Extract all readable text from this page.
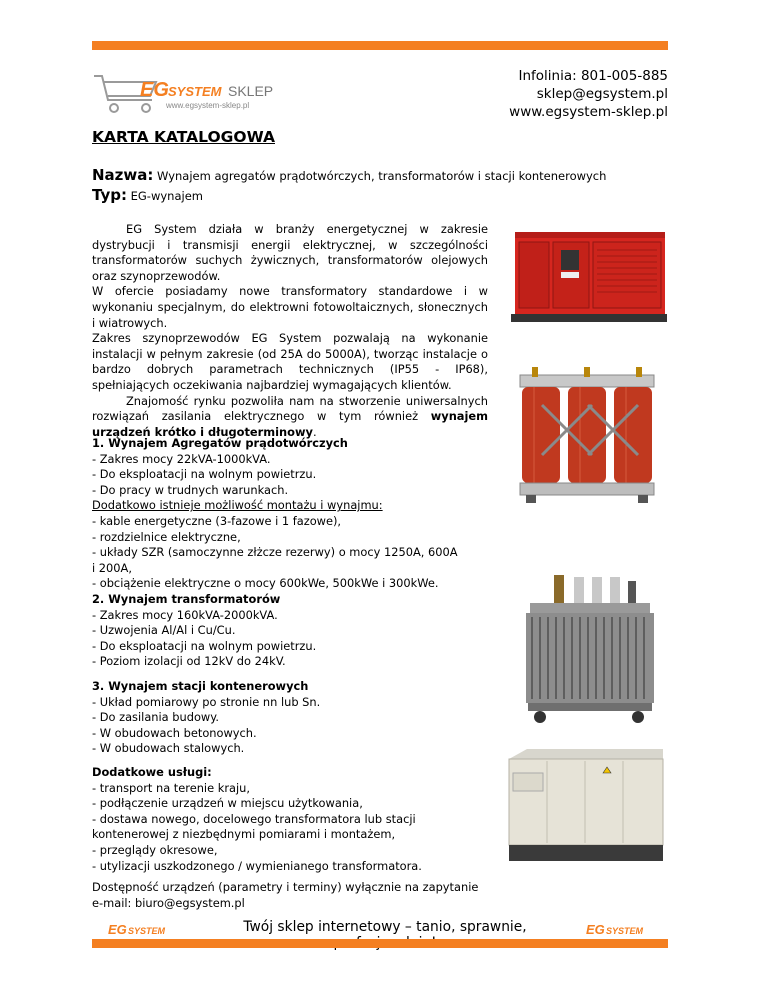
EG SYSTEM SKLEP
www.egsystem-sklep.pl
Infolinia: 801-005-885
sklep@egsystem.pl
www.egsystem-sklep.pl
KARTA KATALOGOWA
Nazwa: Wynajem agregatów prądotwórczych, transformatorów i stacji kontenerowych
Typ: EG-wynajem

EG System działa w branży energetycznej w zakresie dystrybucji i transmisji energii elektrycznej, w szczególności transformatorów suchych żywicznych, transformatorów olejowych oraz szynoprzewodów.

W ofercie posiadamy nowe transformatory standardowe i w wykonaniu specjalnym, do elektrowni fotowoltaicznych, słonecznych i wiatrowych.

Zakres szynoprzewodów EG System pozwalają na wykonanie instalacji w pełnym zakresie (od 25A do 5000A), tworząc instalacje o bardzo dobrych parametrach technicznych (IP55 - IP68), spełniających oczekiwania najbardziej wymagających klientów.

Znajomość rynku pozwoliła nam na stworzenie uniwersalnych rozwiązań zasilania elektrycznego w tym również wynajem urządzeń krótko i długoterminowy.

1. Wynajem Agregatów prądotwórczych
- Zakres mocy 22kVA-1000kVA.
- Do eksploatacji na wolnym powietrzu.
- Do pracy w trudnych warunkach.
Dodatkowo istnieje możliwość montażu i wynajmu:
- kable energetyczne (3-fazowe i 1 fazowe),
- rozdzielnice elektryczne,
- układy SZR (samoczynne złżcze rezerwy) o mocy 1250A, 600A
i 200A,
- obciążenie elektryczne o mocy 600kWe, 500kWe i 300kWe.
2. Wynajem transformatorów
- Zakres mocy 160kVA-2000kVA.
- Uzwojenia Al/Al i Cu/Cu.
- Do eksploatacji na wolnym powietrzu.
- Poziom izolacji od 12kV do 24kV.
3. Wynajem stacji kontenerowych
- Układ pomiarowy po stronie nn lub Sn.
- Do zasilania budowy.
- W obudowach betonowych.
- W obudowach stalowych.
Dodatkowe usługi:
- transport na terenie kraju,
- podłączenie urządzeń w miejscu użytkowania,
- dostawa nowego, docelowego transformatora lub stacji
kontenerowej z niezbędnymi pomiarami i montażem,
- przeglądy okresowe,
- utylizacji uszkodzonego / wymienianego transformatora.
Dostępność urządzeń (parametry i terminy) wyłącznie na zapytanie
e-mail: biuro@egsystem.pl
EG SYSTEM	Twój sklep internetowy – tanio, sprawnie,	EG SYSTEM
